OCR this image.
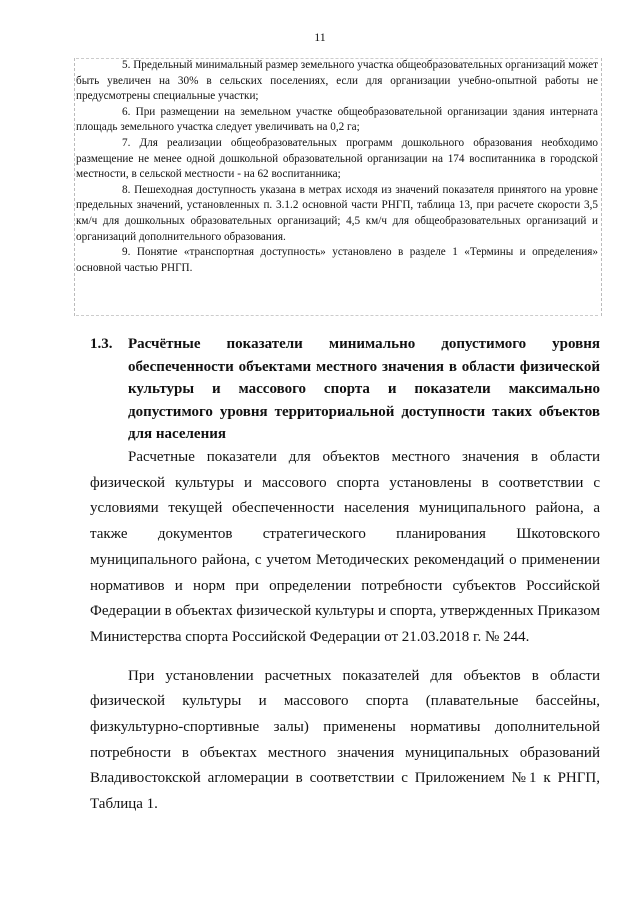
11

5. Предельный минимальный размер земельного участка общеобразовательных организаций может быть увеличен на 30% в сельских поселениях, если для организации учебно-опытной работы не предусмотрены специальные участки;

6. При размещении на земельном участке общеобразовательной организации здания интерната площадь земельного участка следует увеличивать на 0,2 га;

7. Для реализации общеобразовательных программ дошкольного образования необходимо размещение не менее одной дошкольной образовательной организации на 174 воспитанника в городской местности, в сельской местности - на 62 воспитанника;

8. Пешеходная доступность указана в метрах исходя из значений показателя принятого на уровне предельных значений, установленных п. 3.1.2 основной части РНГП, таблица 13, при расчете скорости 3,5 км/ч для дошкольных образовательных организаций; 4,5 км/ч для общеобразовательных организаций и организаций дополнительного образования.

9. Понятие «транспортная доступность» установлено в разделе 1 «Термины и определения» основной частью РНГП.

1.3. Расчётные показатели минимально допустимого уровня обеспеченности объектами местного значения в области физической культуры и массового спорта и показатели максимально допустимого уровня территориальной доступности таких объектов для населения

Расчетные показатели для объектов местного значения в области физической культуры и массового спорта установлены в соответствии с условиями текущей обеспеченности населения муниципального района, а также документов стратегического планирования Шкотовского муниципального района, с учетом Методических рекомендаций о применении нормативов и норм при определении потребности субъектов Российской Федерации в объектах физической культуры и спорта, утвержденных Приказом Министерства спорта Российской Федерации от 21.03.2018 г. № 244.

При установлении расчетных показателей для объектов в области физической культуры и массового спорта (плавательные бассейны, физкультурно-спортивные залы) применены нормативы дополнительной потребности в объектах местного значения муниципальных образований Владивостокской агломерации в соответствии с Приложением №1 к РНГП, Таблица 1.
